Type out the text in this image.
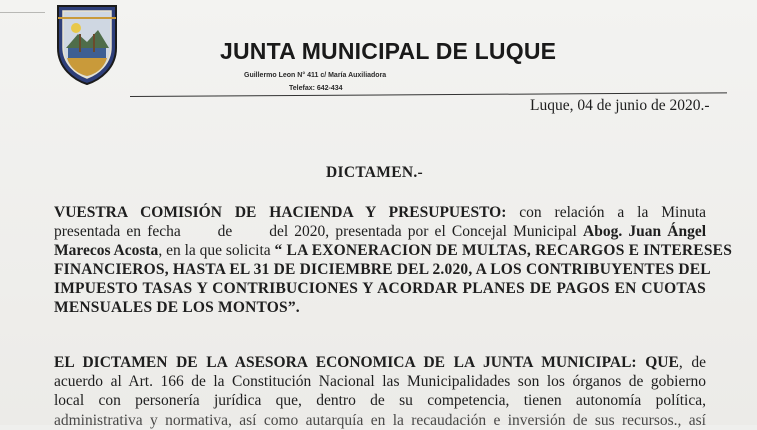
JUNTA MUNICIPAL DE LUQUE
Guillermo Leon N° 411 c/ María Auxiliadora
Telefax: 642-434
Luque, 04 de junio de 2020.-
DICTAMEN.-
VUESTRA COMISIÓN DE HACIENDA Y PRESUPUESTO: con relación a la Minuta
presentada en fecha      de      del 2020, presentada por el Concejal Municipal Abog. Juan Ángel
Marecos Acosta, en la que solicita “ LA EXONERACION DE MULTAS, RECARGOS E INTERESES
FINANCIEROS, HASTA EL 31 DE DICIEMBRE DEL 2.020, A LOS CONTRIBUYENTES DEL
IMPUESTO TASAS Y CONTRIBUCIONES Y ACORDAR PLANES DE PAGOS EN CUOTAS
MENSUALES DE LOS MONTOS”.
EL DICTAMEN DE LA ASESORA ECONOMICA DE LA JUNTA MUNICIPAL: QUE, de
acuerdo al Art. 166 de la Constitución Nacional las Municipalidades son los órganos de gobierno
local con personería jurídica que, dentro de su competencia, tienen autonomía política,
administrativa y normativa, así como autarquía en la recaudación e inversión de sus recursos., así
